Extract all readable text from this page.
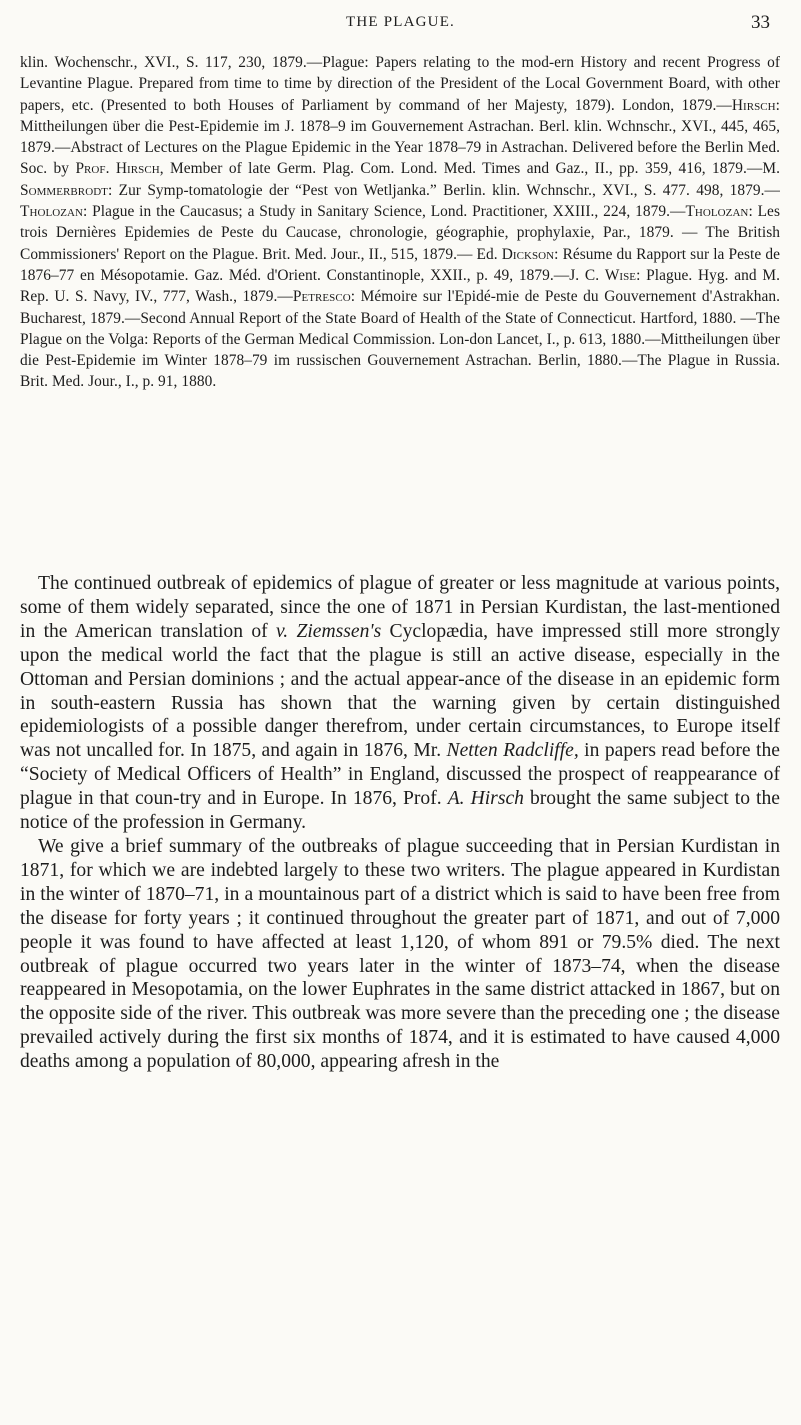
THE PLAGUE.	33

klin. Wochenschr., XVI., S. 117, 230, 1879.—Plague: Papers relating to the mod-ern History and recent Progress of Levantine Plague. Prepared from time to time by direction of the President of the Local Government Board, with other papers, etc. (Presented to both Houses of Parliament by command of her Majesty, 1879). London, 1879.—Hirsch: Mittheilungen über die Pest-Epidemie im J. 1878–9 im Gouvernement Astrachan. Berl. klin. Wchnschr., XVI., 445, 465, 1879.—Abstract of Lectures on the Plague Epidemic in the Year 1878–79 in Astrachan. Delivered before the Berlin Med. Soc. by Prof. Hirsch, Member of late Germ. Plag. Com. Lond. Med. Times and Gaz., II., pp. 359, 416, 1879.—M. Sommerbrodt: Zur Symp-tomatologie der “Pest von Wetljanka.” Berlin. klin. Wchnschr., XVI., S. 477. 498, 1879.—Tholozan: Plague in the Caucasus; a Study in Sanitary Science, Lond. Practitioner, XXIII., 224, 1879.—Tholozan: Les trois Dernières Epidemies de Peste du Caucase, chronologie, géographie, prophylaxie, Par., 1879. — The British Commissioners' Report on the Plague. Brit. Med. Jour., II., 515, 1879.— Ed. Dickson: Résume du Rapport sur la Peste de 1876–77 en Mésopotamie. Gaz. Méd. d'Orient. Constantinople, XXII., p. 49, 1879.—J. C. Wise: Plague. Hyg. and M. Rep. U. S. Navy, IV., 777, Wash., 1879.—Petresco: Mémoire sur l'Epidé-mie de Peste du Gouvernement d'Astrakhan. Bucharest, 1879.—Second Annual Report of the State Board of Health of the State of Connecticut. Hartford, 1880. —The Plague on the Volga: Reports of the German Medical Commission. Lon-don Lancet, I., p. 613, 1880.—Mittheilungen über die Pest-Epidemie im Winter 1878–79 im russischen Gouvernement Astrachan. Berlin, 1880.—The Plague in Russia. Brit. Med. Jour., I., p. 91, 1880.

The continued outbreak of epidemics of plague of greater or less magnitude at various points, some of them widely separated, since the one of 1871 in Persian Kurdistan, the last-mentioned in the American translation of v. Ziemssen's Cyclopædia, have impressed still more strongly upon the medical world the fact that the plague is still an active disease, especially in the Ottoman and Persian dominions ; and the actual appear-ance of the disease in an epidemic form in south-eastern Russia has shown that the warning given by certain distinguished epidemiologists of a possible danger therefrom, under certain circumstances, to Europe itself was not uncalled for. In 1875, and again in 1876, Mr. Netten Radcliffe, in papers read before the “Society of Medical Officers of Health” in England, discussed the prospect of reappearance of plague in that coun-try and in Europe. In 1876, Prof. A. Hirsch brought the same subject to the notice of the profession in Germany.

We give a brief summary of the outbreaks of plague succeeding that in Persian Kurdistan in 1871, for which we are indebted largely to these two writers. The plague appeared in Kurdistan in the winter of 1870–71, in a mountainous part of a district which is said to have been free from the disease for forty years ; it continued throughout the greater part of 1871, and out of 7,000 people it was found to have affected at least 1,120, of whom 891 or 79.5% died. The next outbreak of plague occurred two years later in the winter of 1873–74, when the disease reappeared in Mesopotamia, on the lower Euphrates in the same district attacked in 1867, but on the opposite side of the river. This outbreak was more severe than the preceding one ; the disease prevailed actively during the first six months of 1874, and it is estimated to have caused 4,000 deaths among a population of 80,000, appearing afresh in the
